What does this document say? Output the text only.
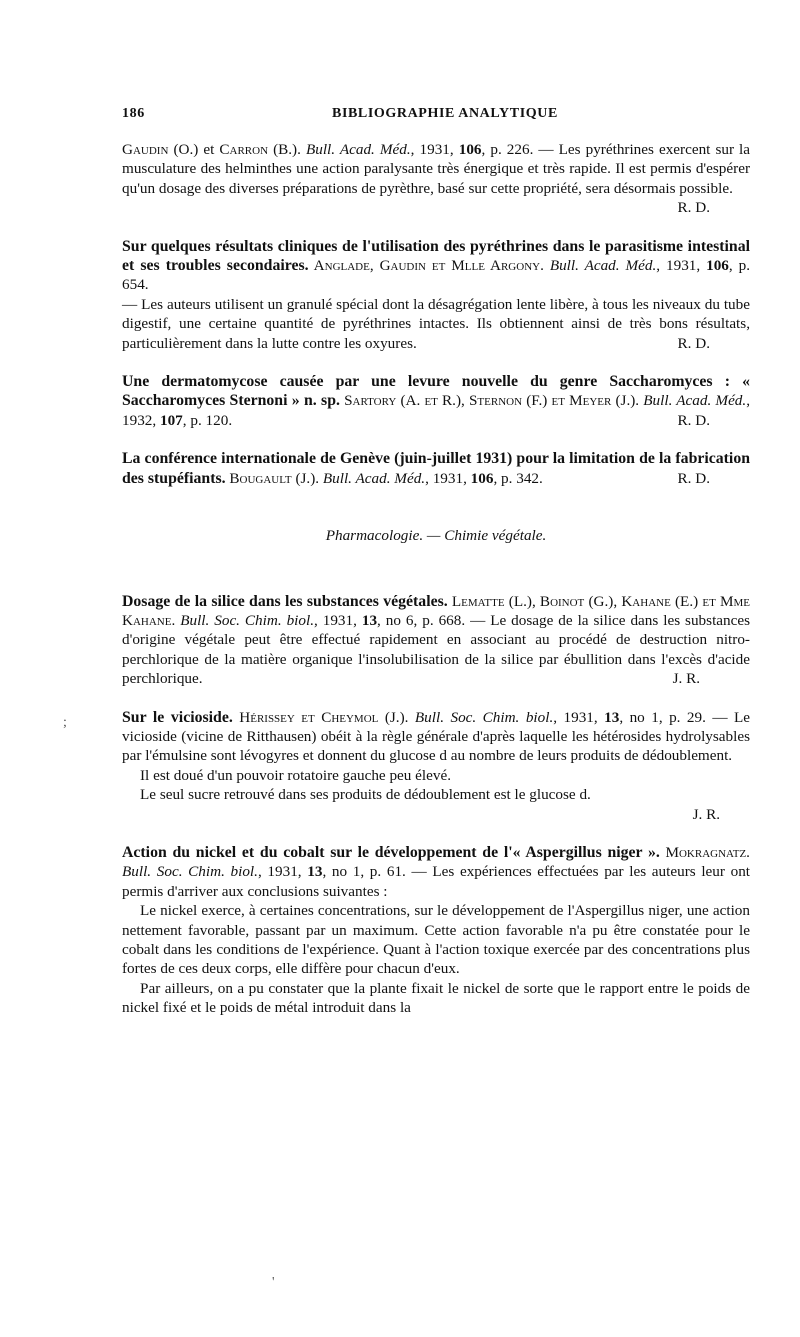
186	BIBLIOGRAPHIE ANALYTIQUE

Gaudin (O.) et Carron (B.). Bull. Acad. Méd., 1931, 106, p. 226. — Les pyréthrines exercent sur la musculature des helminthes une action paralysante très énergique et très rapide. Il est permis d'espérer qu'un dosage des diverses préparations de pyrèthre, basé sur cette propriété, sera désormais possible.
R. D.

Sur quelques résultats cliniques de l'utilisation des pyréthrines dans le parasitisme intestinal et ses troubles secondaires. Anglade, Gaudin et Mlle Argony. Bull. Acad. Méd., 1931, 106, p. 654.

— Les auteurs utilisent un granulé spécial dont la désagrégation lente libère, à tous les niveaux du tube digestif, une certaine quantité de pyréthrines intactes. Ils obtiennent ainsi de très bons résultats, particulièrement dans la lutte contre les oxyures.	R. D.

Une dermatomycose causée par une levure nouvelle du genre Saccharomyces : « Saccharomyces Sternoni » n. sp. Sartory (A. et R.), Sternon (F.) et Meyer (J.). Bull. Acad. Méd., 1932, 107, p. 120.	R. D.

La conférence internationale de Genève (juin-juillet 1931) pour la limitation de la fabrication des stupéfiants. Bougault (J.). Bull. Acad. Méd., 1931, 106, p. 342.	R. D.

Pharmacologie. — Chimie végétale.

Dosage de la silice dans les substances végétales. Lematte (L.), Boinot (G.), Kahane (E.) et Mme Kahane. Bull. Soc. Chim. biol., 1931, 13, no 6, p. 668. — Le dosage de la silice dans les substances d'origine végétale peut être effectué rapidement en associant au procédé de destruction nitro-perchlorique de la matière organique l'insolubilisation de la silice par ébullition dans l'excès d'acide perchlorique.	J. R.

Sur le vicioside. Hérissey et Cheymol (J.). Bull. Soc. Chim. biol., 1931, 13, no 1, p. 29. — Le vicioside (vicine de Ritthausen) obéit à la règle générale d'après laquelle les hétérosides hydrolysables par l'émulsine sont lévogyres et donnent du glucose d au nombre de leurs produits de dédoublement.

Il est doué d'un pouvoir rotatoire gauche peu élevé.

Le seul sucre retrouvé dans ses produits de dédoublement est le glucose d.

J. R.

Action du nickel et du cobalt sur le développement de l'« Aspergillus niger ». Mokragnatz. Bull. Soc. Chim. biol., 1931, 13, no 1, p. 61. — Les expériences effectuées par les auteurs leur ont permis d'arriver aux conclusions suivantes :

Le nickel exerce, à certaines concentrations, sur le développement de l'Aspergillus niger, une action nettement favorable, passant par un maximum. Cette action favorable n'a pu être constatée pour le cobalt dans les conditions de l'expérience. Quant à l'action toxique exercée par des concentrations plus fortes de ces deux corps, elle diffère pour chacun d'eux.

Par ailleurs, on a pu constater que la plante fixait le nickel de sorte que le rapport entre le poids de nickel fixé et le poids de métal introduit dans la

;
'
